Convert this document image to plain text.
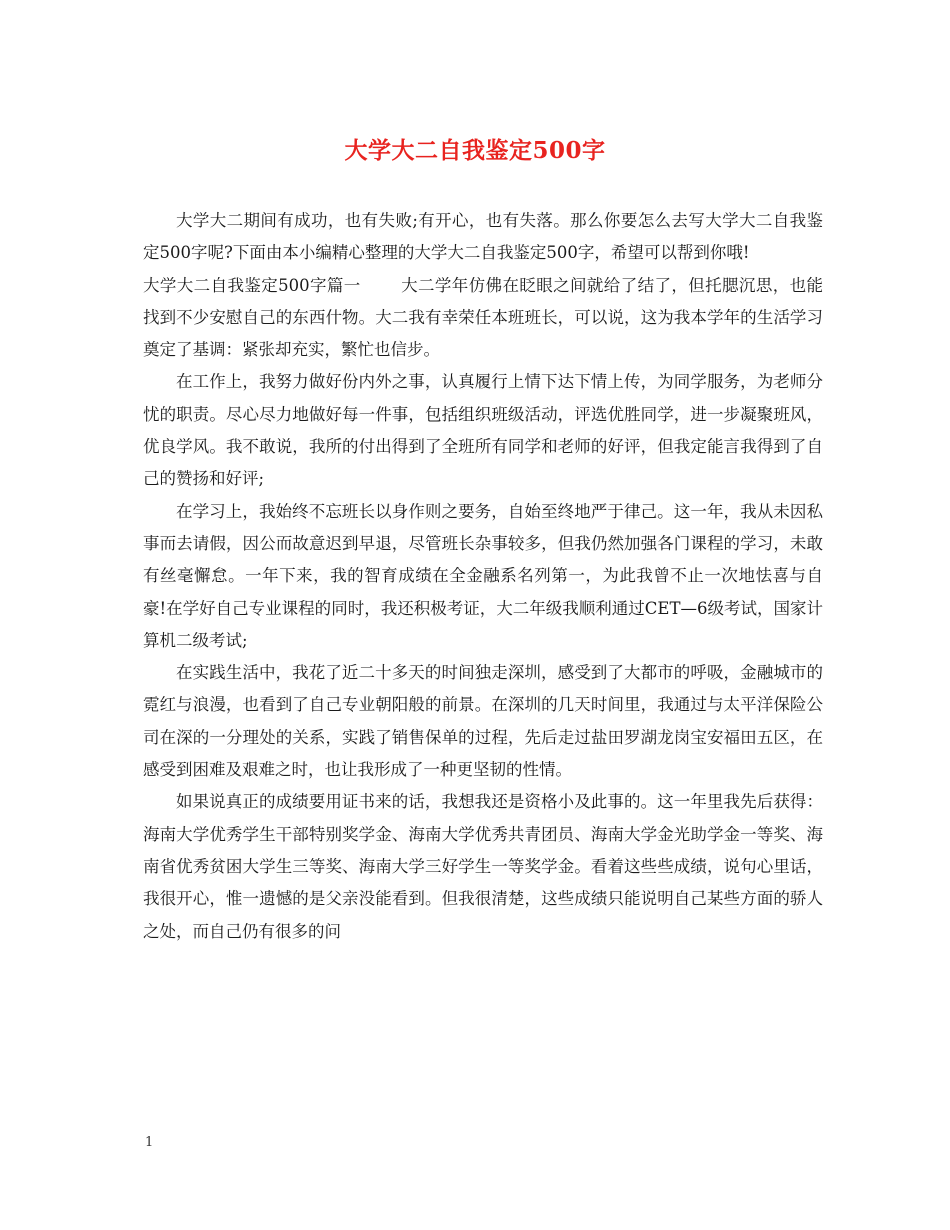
大学大二自我鉴定500字

大学大二期间有成功，也有失败;有开心，也有失落。那么你要怎么去写大学大二自我鉴定500字呢?下面由本小编精心整理的大学大二自我鉴定500字，希望可以帮到你哦!

大学大二自我鉴定500字篇一 大二学年仿佛在眨眼之间就给了结了，但托腮沉思，也能找到不少安慰自己的东西什物。大二我有幸荣任本班班长，可以说，这为我本学年的生活学习奠定了基调：紧张却充实，繁忙也信步。

在工作上，我努力做好份内外之事，认真履行上情下达下情上传，为同学服务，为老师分忧的职责。尽心尽力地做好每一件事，包括组织班级活动，评选优胜同学，进一步凝聚班风，优良学风。我不敢说，我所的付出得到了全班所有同学和老师的好评，但我定能言我得到了自己的赞扬和好评;

在学习上，我始终不忘班长以身作则之要务，自始至终地严于律己。这一年，我从未因私事而去请假，因公而故意迟到早退，尽管班长杂事较多，但我仍然加强各门课程的学习，未敢有丝毫懈怠。一年下来，我的智育成绩在全金融系名列第一，为此我曾不止一次地怯喜与自豪!在学好自己专业课程的同时，我还积极考证，大二年级我顺利通过CET—6级考试，国家计算机二级考试;

在实践生活中，我花了近二十多天的时间独走深圳，感受到了大都市的呼吸，金融城市的霓红与浪漫，也看到了自己专业朝阳般的前景。在深圳的几天时间里，我通过与太平洋保险公司在深的一分理处的关系，实践了销售保单的过程，先后走过盐田罗湖龙岗宝安福田五区，在感受到困难及艰难之时，也让我形成了一种更坚韧的性情。

如果说真正的成绩要用证书来的话，我想我还是资格小及此事的。这一年里我先后获得：海南大学优秀学生干部特别奖学金、海南大学优秀共青团员、海南大学金光助学金一等奖、海南省优秀贫困大学生三等奖、海南大学三好学生一等奖学金。看着这些些成绩，说句心里话，我很开心，惟一遗憾的是父亲没能看到。但我很清楚，这些成绩只能说明自己某些方面的骄人之处，而自己仍有很多的问

1
